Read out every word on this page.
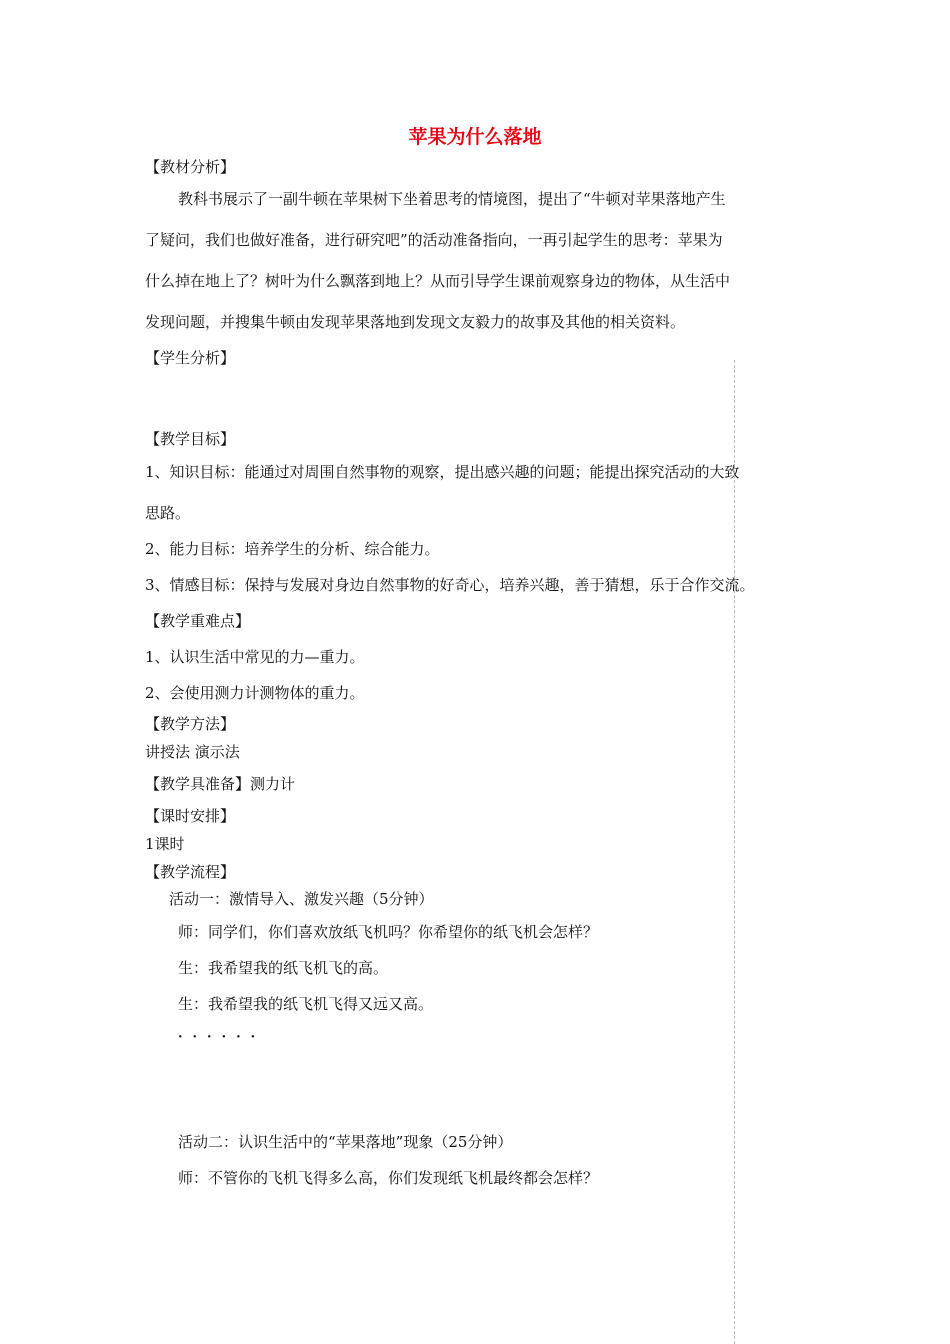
苹果为什么落地

【教材分析】

教科书展示了一副牛顿在苹果树下坐着思考的情境图，提出了“牛顿对苹果落地产生

了疑问，我们也做好准备，进行研究吧”的活动准备指向，一再引起学生的思考：苹果为

什么掉在地上了？树叶为什么飘落到地上？从而引导学生课前观察身边的物体，从生活中

发现问题，并搜集牛顿由发现苹果落地到发现文友毅力的故事及其他的相关资料。

【学生分析】

【教学目标】

1、知识目标：能通过对周围自然事物的观察，提出感兴趣的问题；能提出探究活动的大致

思路。

2、能力目标：培养学生的分析、综合能力。

3、情感目标：保持与发展对身边自然事物的好奇心，培养兴趣，善于猜想，乐于合作交流。

【教学重难点】

1、认识生活中常见的力—重力。

2、会使用测力计测物体的重力。

【教学方法】

讲授法 演示法

【教学具准备】测力计

【课时安排】

1课时

【教学流程】

活动一：激情导入、激发兴趣（5分钟）

师：同学们，你们喜欢放纸飞机吗？你希望你的纸飞机会怎样？

生：我希望我的纸飞机飞的高。

生：我希望我的纸飞机飞得又远又高。

······

活动二：认识生活中的“苹果落地”现象（25分钟）

师：不管你的飞机飞得多么高，你们发现纸飞机最终都会怎样？
